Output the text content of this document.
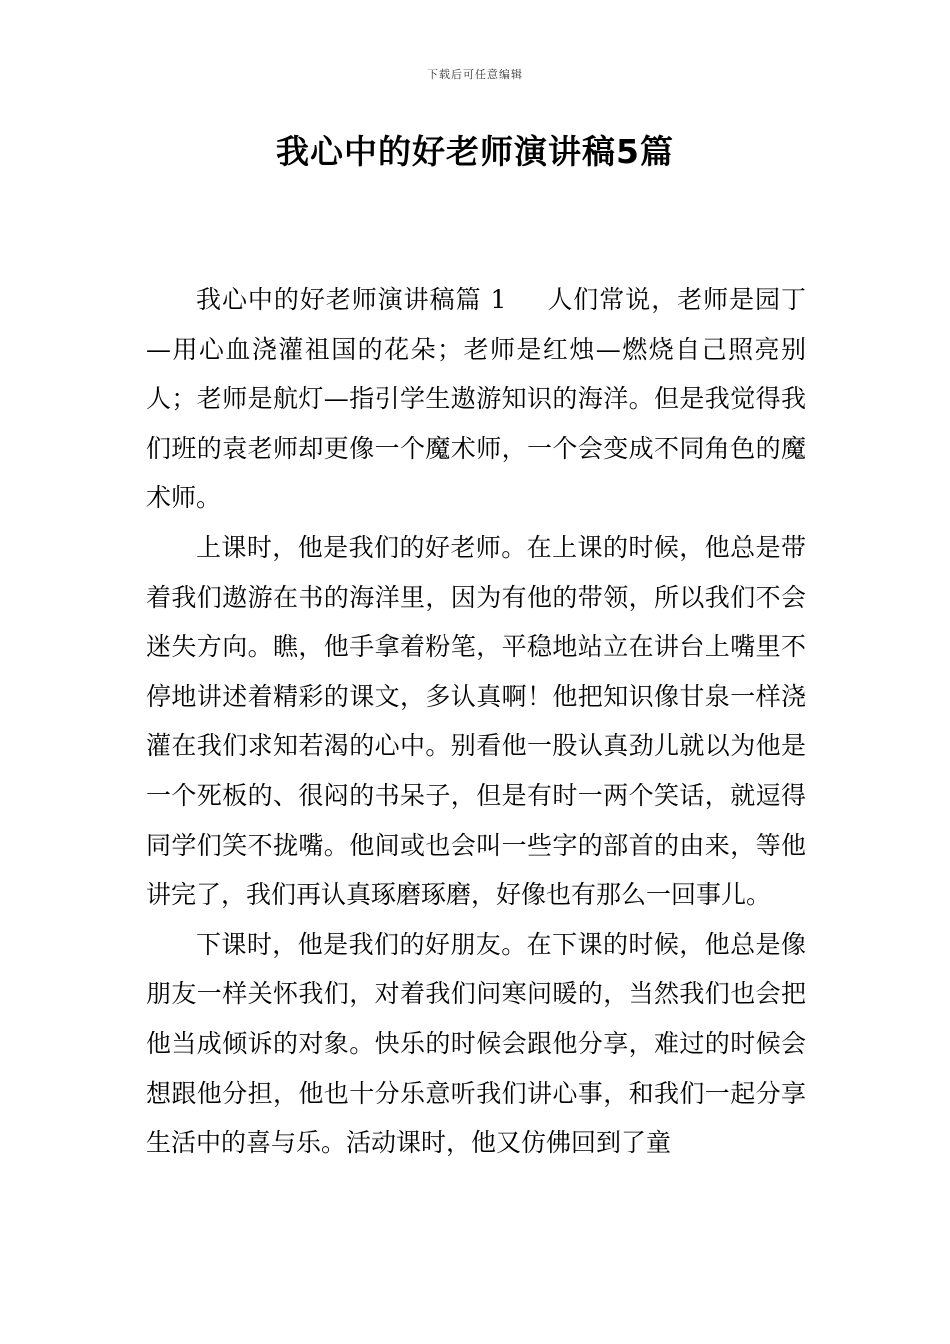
下载后可任意编辑
我心中的好老师演讲稿5篇

我心中的好老师演讲稿篇 1 人们常说，老师是园丁—用心血浇灌祖国的花朵；老师是红烛—燃烧自己照亮别人；老师是航灯—指引学生遨游知识的海洋。但是我觉得我们班的袁老师却更像一个魔术师，一个会变成不同角色的魔术师。

上课时，他是我们的好老师。在上课的时候，他总是带着我们遨游在书的海洋里，因为有他的带领，所以我们不会迷失方向。瞧，他手拿着粉笔，平稳地站立在讲台上嘴里不停地讲述着精彩的课文，多认真啊！他把知识像甘泉一样浇灌在我们求知若渴的心中。别看他一股认真劲儿就以为他是一个死板的、很闷的书呆子，但是有时一两个笑话，就逗得同学们笑不拢嘴。他间或也会叫一些字的部首的由来，等他讲完了，我们再认真琢磨琢磨，好像也有那么一回事儿。

下课时，他是我们的好朋友。在下课的时候，他总是像朋友一样关怀我们，对着我们问寒问暖的，当然我们也会把他当成倾诉的对象。快乐的时候会跟他分享，难过的时候会想跟他分担，他也十分乐意听我们讲心事，和我们一起分享生活中的喜与乐。活动课时，他又仿佛回到了童
